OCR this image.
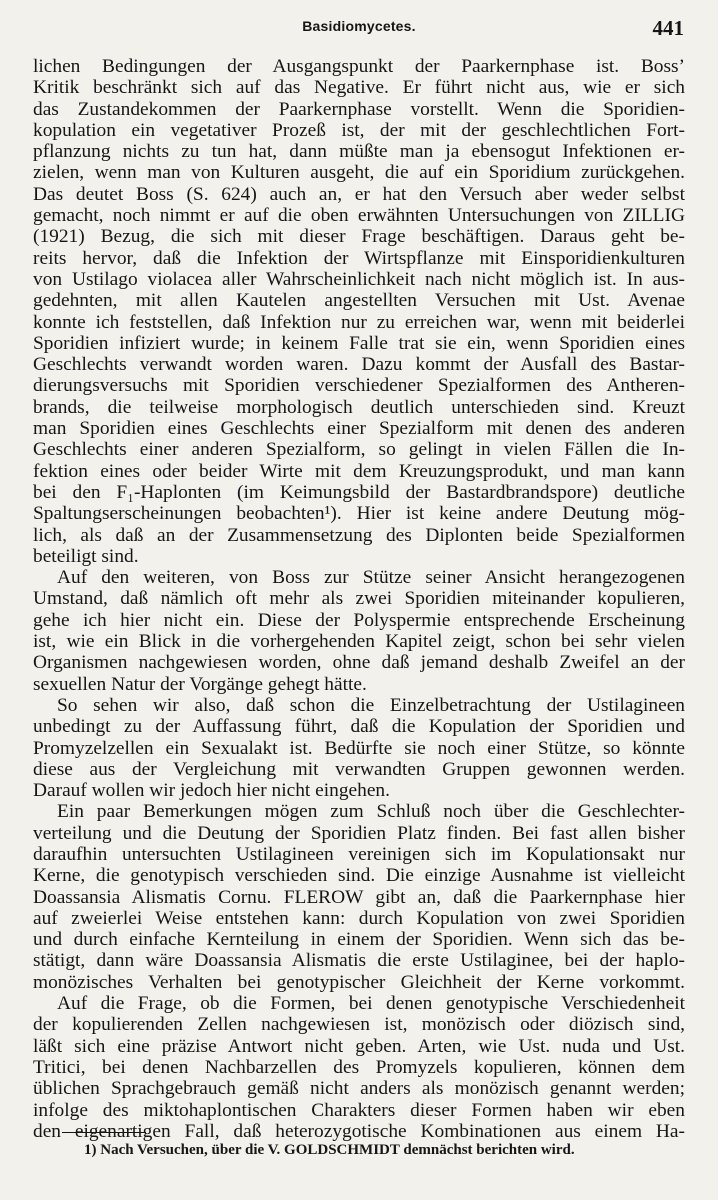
Basidiomycetes.	441
lichen Bedingungen der Ausgangspunkt der Paarkernphase ist. Boss’
Kritik beschränkt sich auf das Negative. Er führt nicht aus, wie er sich
das Zustandekommen der Paarkernphase vorstellt. Wenn die Sporidien-
kopulation ein vegetativer Prozeß ist, der mit der geschlechtlichen Fort-
pflanzung nichts zu tun hat, dann müßte man ja ebensogut Infektionen er-
zielen, wenn man von Kulturen ausgeht, die auf ein Sporidium zurückgehen.
Das deutet Boss (S. 624) auch an, er hat den Versuch aber weder selbst
gemacht, noch nimmt er auf die oben erwähnten Untersuchungen von ZILLIG
(1921) Bezug, die sich mit dieser Frage beschäftigen. Daraus geht be-
reits hervor, daß die Infektion der Wirtspflanze mit Einsporidienkulturen
von Ustilago violacea aller Wahrscheinlichkeit nach nicht möglich ist. In aus-
gedehnten, mit allen Kautelen angestellten Versuchen mit Ust. Avenae
konnte ich feststellen, daß Infektion nur zu erreichen war, wenn mit beiderlei
Sporidien infiziert wurde; in keinem Falle trat sie ein, wenn Sporidien eines
Geschlechts verwandt worden waren. Dazu kommt der Ausfall des Bastar-
dierungsversuchs mit Sporidien verschiedener Spezialformen des Antheren-
brands, die teilweise morphologisch deutlich unterschieden sind. Kreuzt
man Sporidien eines Geschlechts einer Spezialform mit denen des anderen
Geschlechts einer anderen Spezialform, so gelingt in vielen Fällen die In-
fektion eines oder beider Wirte mit dem Kreuzungsprodukt, und man kann
bei den F₁-Haplonten (im Keimungsbild der Bastardbrandspore) deutliche
Spaltungserscheinungen beobachten¹). Hier ist keine andere Deutung mög-
lich, als daß an der Zusammensetzung des Diplonten beide Spezialformen
beteiligt sind.
Auf den weiteren, von Boss zur Stütze seiner Ansicht herangezogenen
Umstand, daß nämlich oft mehr als zwei Sporidien miteinander kopulieren,
gehe ich hier nicht ein. Diese der Polyspermie entsprechende Erscheinung
ist, wie ein Blick in die vorhergehenden Kapitel zeigt, schon bei sehr vielen
Organismen nachgewiesen worden, ohne daß jemand deshalb Zweifel an der
sexuellen Natur der Vorgänge gehegt hätte.
So sehen wir also, daß schon die Einzelbetrachtung der Ustilagineen
unbedingt zu der Auffassung führt, daß die Kopulation der Sporidien und
Promyzelzellen ein Sexualakt ist. Bedürfte sie noch einer Stütze, so könnte
diese aus der Vergleichung mit verwandten Gruppen gewonnen werden.
Darauf wollen wir jedoch hier nicht eingehen.
Ein paar Bemerkungen mögen zum Schluß noch über die Geschlechter-
verteilung und die Deutung der Sporidien Platz finden. Bei fast allen bisher
daraufhin untersuchten Ustilagineen vereinigen sich im Kopulationsakt nur
Kerne, die genotypisch verschieden sind. Die einzige Ausnahme ist vielleicht
Doassansia Alismatis Cornu. FLEROW gibt an, daß die Paarkernphase hier
auf zweierlei Weise entstehen kann: durch Kopulation von zwei Sporidien
und durch einfache Kernteilung in einem der Sporidien. Wenn sich das be-
stätigt, dann wäre Doassansia Alismatis die erste Ustilaginee, bei der haplo-
monözisches Verhalten bei genotypischer Gleichheit der Kerne vorkommt.
Auf die Frage, ob die Formen, bei denen genotypische Verschiedenheit
der kopulierenden Zellen nachgewiesen ist, monözisch oder diözisch sind,
läßt sich eine präzise Antwort nicht geben. Arten, wie Ust. nuda und Ust.
Tritici, bei denen Nachbarzellen des Promyzels kopulieren, können dem
üblichen Sprachgebrauch gemäß nicht anders als monözisch genannt werden;
infolge des miktohaplontischen Charakters dieser Formen haben wir eben
den eigenartigen Fall, daß heterozygotische Kombinationen aus einem Ha-
1) Nach Versuchen, über die V. GOLDSCHMIDT demnächst berichten wird.
